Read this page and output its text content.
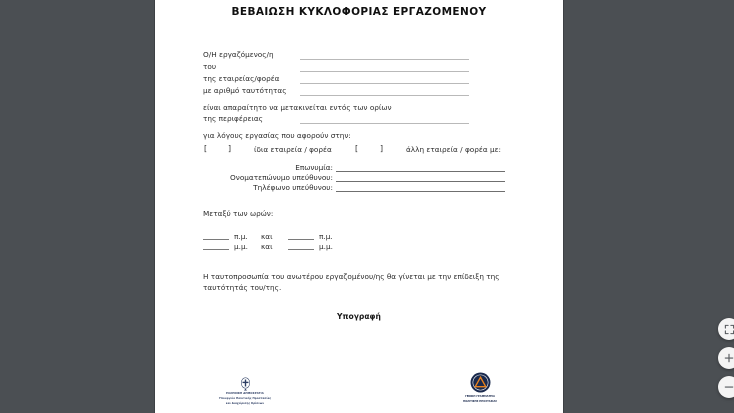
ΒΕΒΑΙΩΣΗ ΚΥΚΛΟΦΟΡΙΑΣ ΕΡΓΑΖΟΜΕΝΟΥ
Ο/Η εργαζόμενος/η
του
της εταιρείας/φορέα
με αριθμό ταυτότητας
είναι απαραίτητο να μετακινείται εντός των ορίων
της περιφέρειας
για λόγους εργασίας που αφορούν στην:
[	]	ίδια εταιρεία / φορέα	[	]	άλλη εταιρεία / φορέα με:
Επωνυμία:
Ονοματεπώνυμο υπεύθυνου:
Τηλέφωνο υπεύθυνου:
Μεταξύ των ωρών:
π.μ. και	π.μ.
μ.μ. και	μ.μ.
Η ταυτοπροσωπία του ανωτέρου εργαζομένου/ης θα γίνεται με την επίδειξη της
ταυτότητάς του/της.
Υπογραφή
ΕΛΛΗΝΙΚΗ ΔΗΜΟΚΡΑΤΙΑ
Υπουργείο Πολιτικής Προστασίας
και Διαχείρισης Κρίσεων
ΓΕΝΙΚΗ ΓΡΑΜΜΑΤΕΙΑ
ΠΟΛΙΤΙΚΗΣ ΠΡΟΣΤΑΣΙΑΣ
